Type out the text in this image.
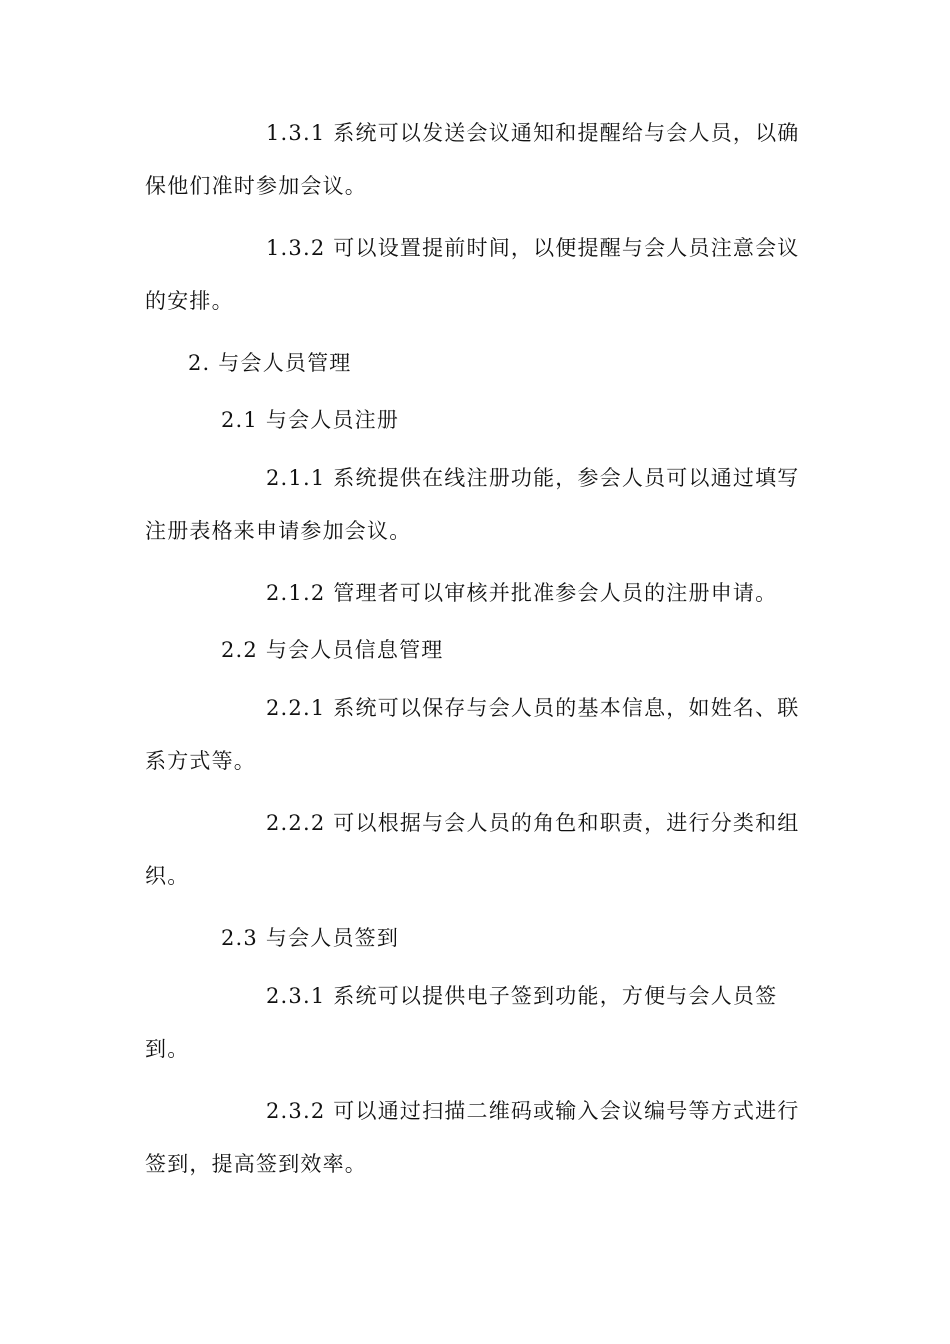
1.3.1 系统可以发送会议通知和提醒给与会人员，以确
保他们准时参加会议。
1.3.2 可以设置提前时间，以便提醒与会人员注意会议
的安排。
2. 与会人员管理
2.1 与会人员注册
2.1.1 系统提供在线注册功能，参会人员可以通过填写
注册表格来申请参加会议。
2.1.2 管理者可以审核并批准参会人员的注册申请。
2.2 与会人员信息管理
2.2.1 系统可以保存与会人员的基本信息，如姓名、联
系方式等。
2.2.2 可以根据与会人员的角色和职责，进行分类和组
织。
2.3 与会人员签到
2.3.1 系统可以提供电子签到功能，方便与会人员签
到。
2.3.2 可以通过扫描二维码或输入会议编号等方式进行
签到，提高签到效率。
